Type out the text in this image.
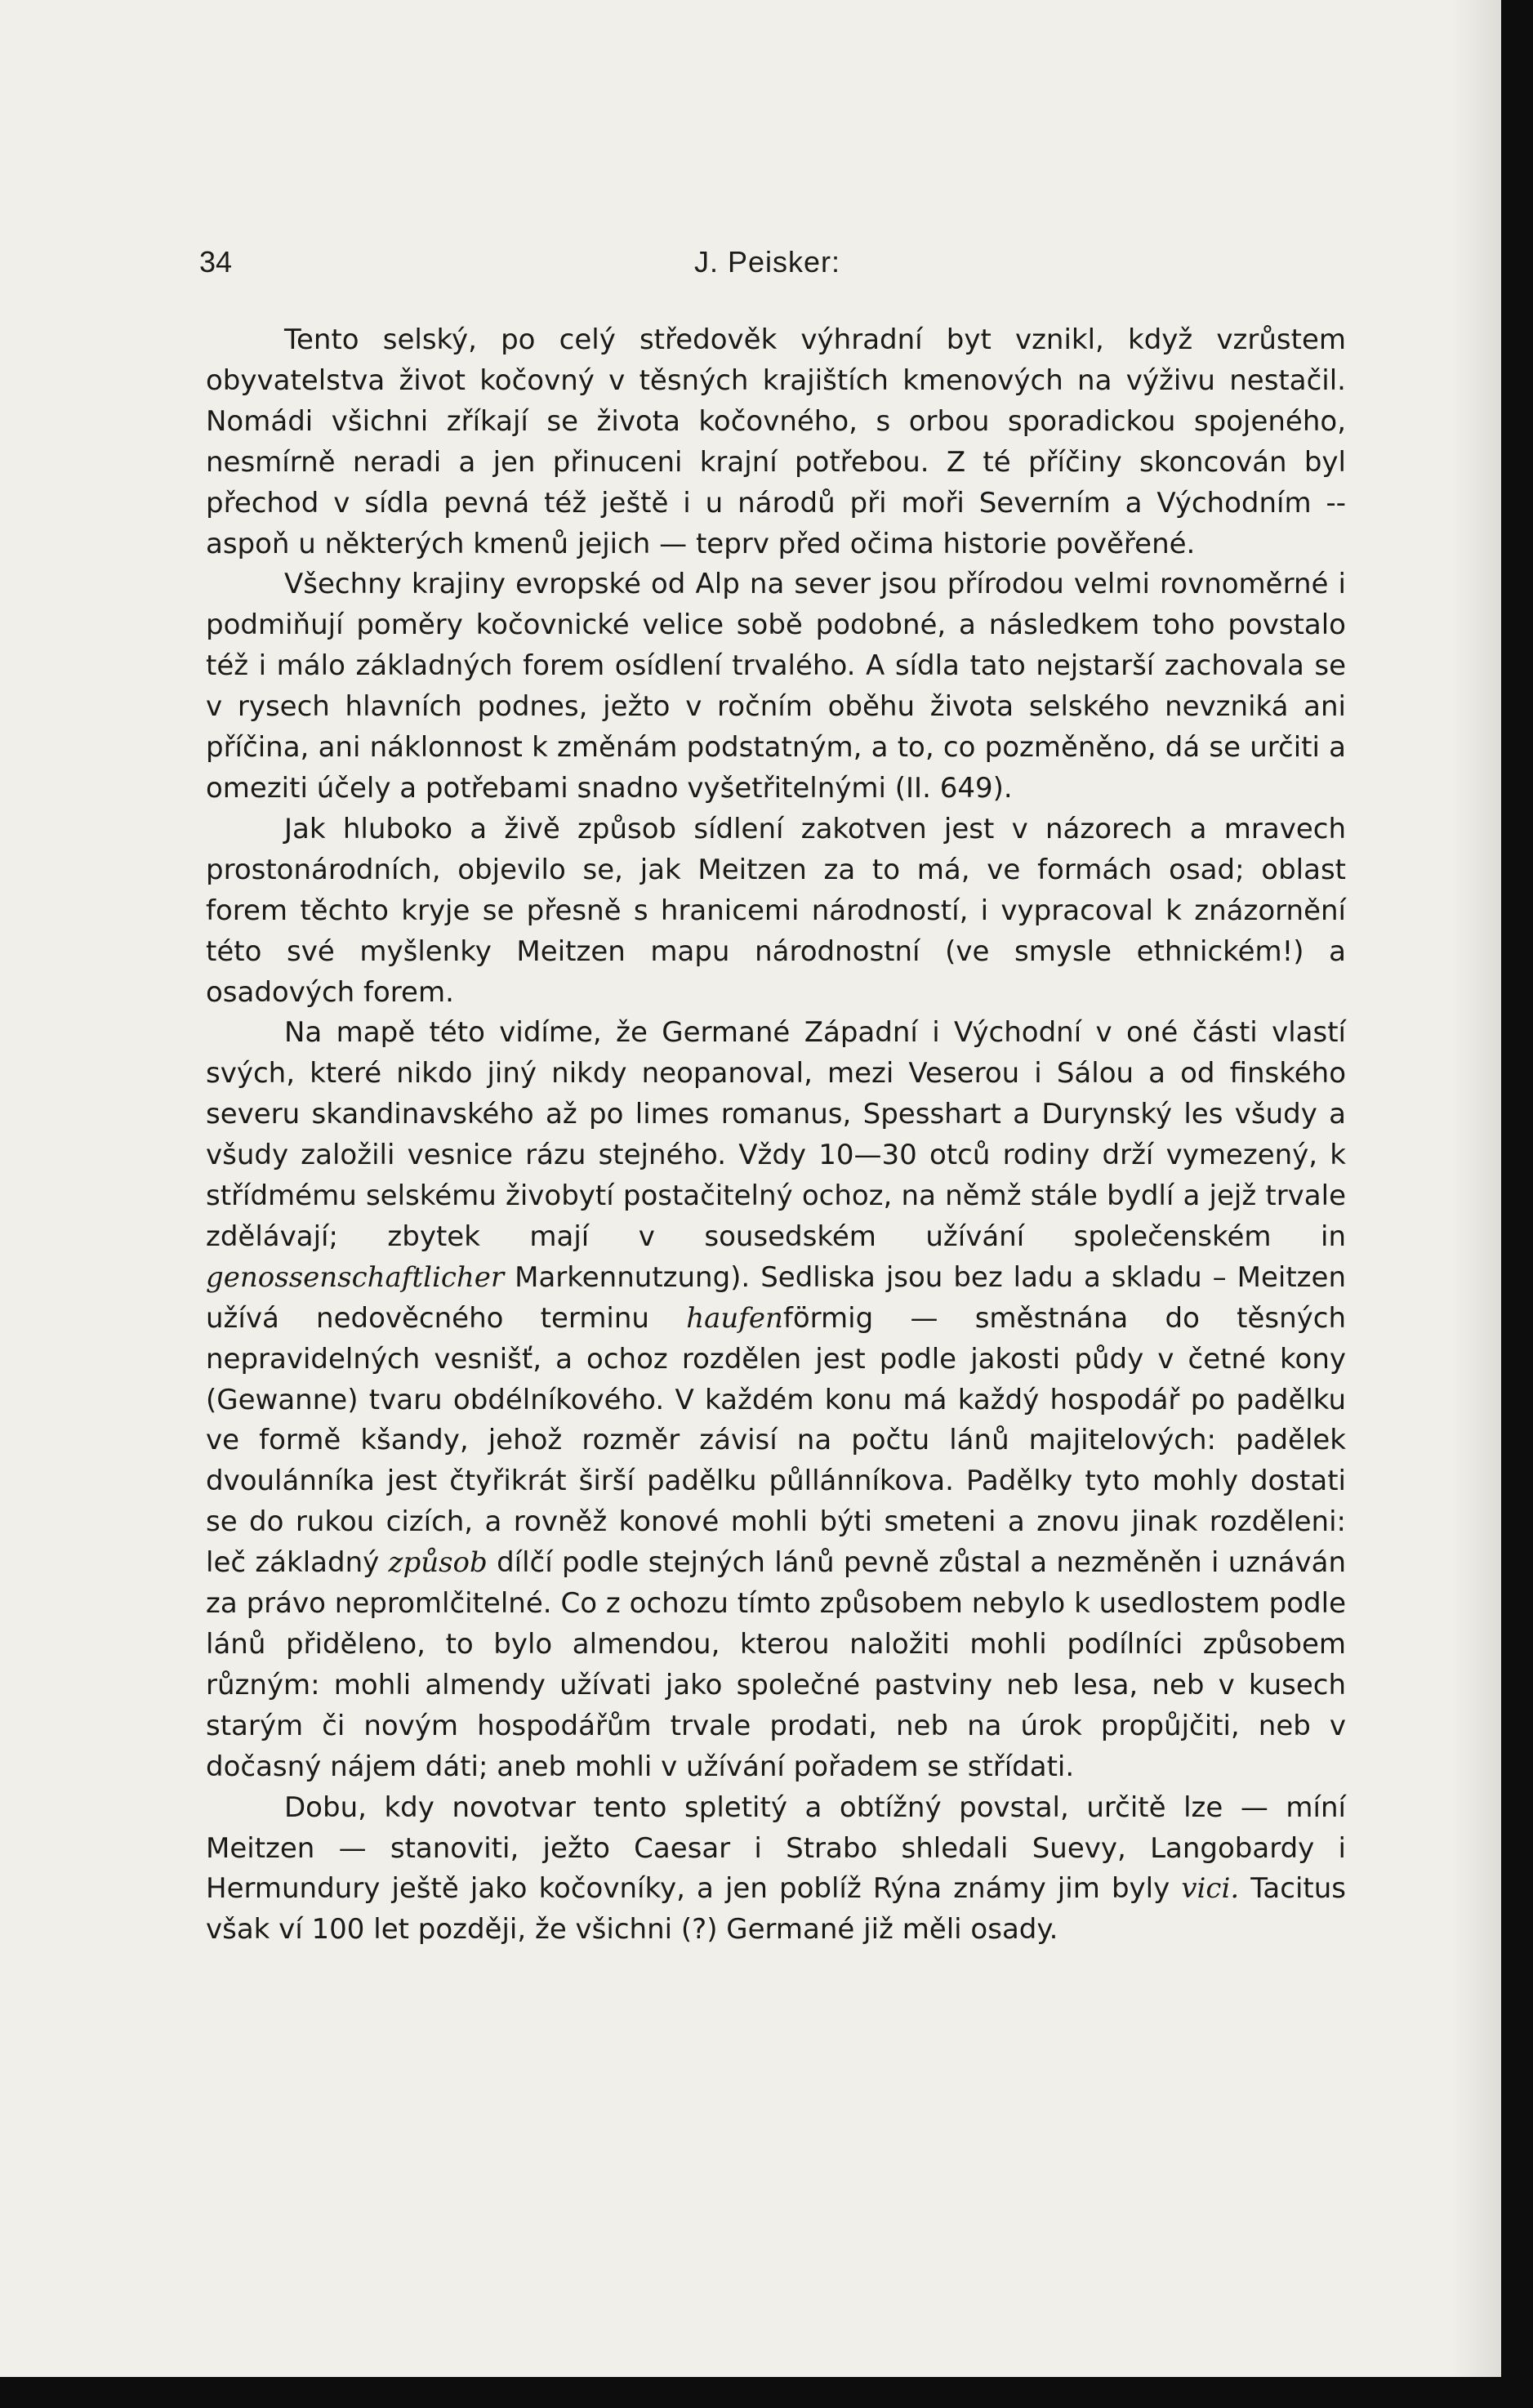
34	J. Peisker:

Tento selský, po celý středověk výhradní byt vznikl, když vzrůstem obyvatelstva život kočovný v těsných krajištích kmenových na výživu nestačil. Nomádi všichni zříkají se života kočovného, s orbou sporadickou spojeného, nesmírně neradi a jen přinuceni krajní potřebou. Z té příčiny skoncován byl přechod v sídla pevná též ještě i u národů při moři Severním a Východním -- aspoň u některých kmenů jejich — teprv před očima historie pověřené.

Všechny krajiny evropské od Alp na sever jsou přírodou velmi rovnoměrné i podmiňují poměry kočovnické velice sobě podobné, a následkem toho povstalo též i málo základných forem osídlení trvalého. A sídla tato nejstarší zachovala se v rysech hlavních podnes, ježto v ročním oběhu života selského nevzniká ani příčina, ani náklonnost k změnám podstatným, a to, co pozměněno, dá se určiti a omeziti účely a potřebami snadno vyšetřitelnými (II. 649).

Jak hluboko a živě způsob sídlení zakotven jest v názorech a mravech prostonárodních, objevilo se, jak Meitzen za to má, ve formách osad; oblast forem těchto kryje se přesně s hranicemi národností, i vypracoval k znázornění této své myšlenky Meitzen mapu národnostní (ve smysle ethnickém!) a osadových forem.

Na mapě této vidíme, že Germané Západní i Východní v oné části vlastí svých, které nikdo jiný nikdy neopanoval, mezi Veserou i Sálou a od finského severu skandinavského až po limes romanus, Spesshart a Durynský les všudy a všudy založili vesnice rázu stejného. Vždy 10—30 otců rodiny drží vymezený, k střídmému selskému živobytí postačitelný ochoz, na němž stále bydlí a jejž trvale zdělávají; zbytek mají v sousedském užívání společenském in genossenschaftlicher Markennutzung). Sedliska jsou bez ladu a skladu – Meitzen užívá nedověcného terminu haufenförmig — směstnána do těsných nepravidelných vesnišť, a ochoz rozdělen jest podle jakosti půdy v četné kony (Gewanne) tvaru obdélníkového. V každém konu má každý hospodář po padělku ve formě kšandy, jehož rozměr závisí na počtu lánů majitelových: padělek dvoulánníka jest čtyřikrát širší padělku půllánníkova. Padělky tyto mohly dostati se do rukou cizích, a rovněž konové mohli býti smeteni a znovu jinak rozděleni: leč základný způsob dílčí podle stejných lánů pevně zůstal a nezměněn i uznáván za právo nepromlčitelné. Co z ochozu tímto způsobem nebylo k usedlostem podle lánů přiděleno, to bylo almendou, kterou naložiti mohli podílníci způsobem různým: mohli almendy užívati jako společné pastviny neb lesa, neb v kusech starým či novým hospodářům trvale prodati, neb na úrok propůjčiti, neb v dočasný nájem dáti; aneb mohli v užívání pořadem se střídati.

Dobu, kdy novotvar tento spletitý a obtížný povstal, určitě lze — míní Meitzen — stanoviti, ježto Caesar i Strabo shledali Suevy, Langobardy i Hermundury ještě jako kočovníky, a jen poblíž Rýna známy jim byly vici. Tacitus však ví 100 let později, že všichni (?) Germané již měli osady.
